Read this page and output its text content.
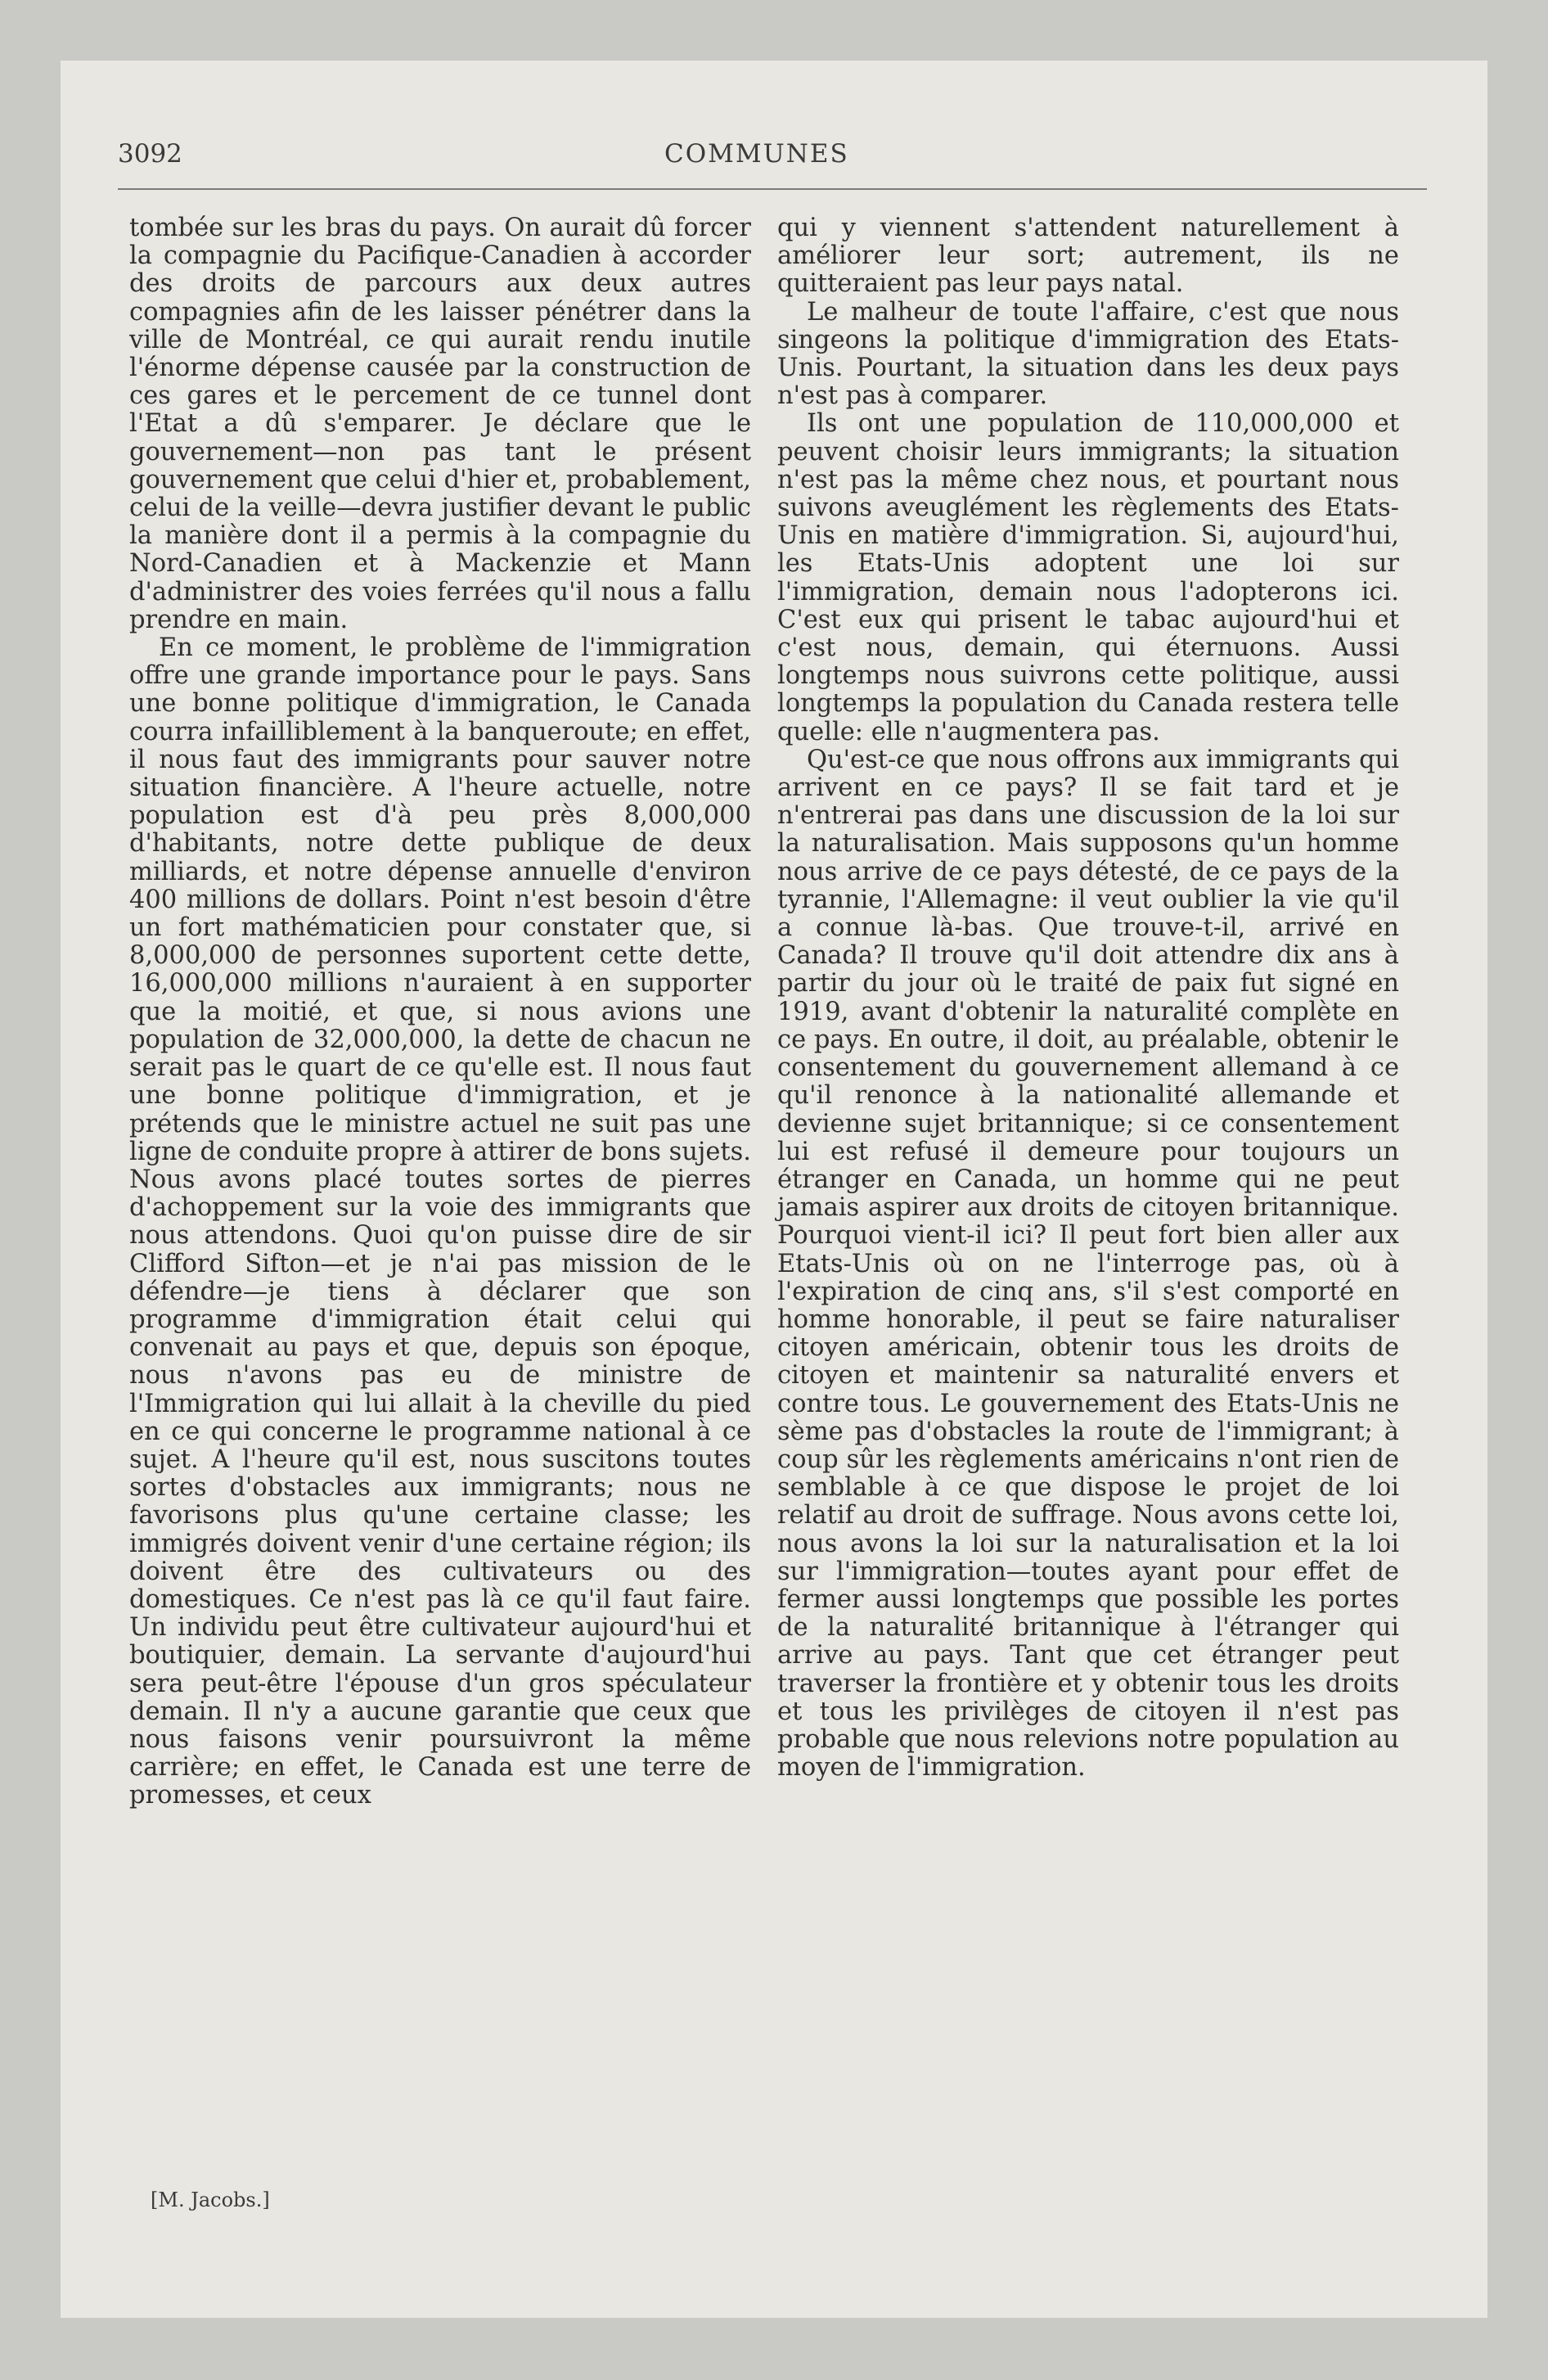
3092	COMMUNES

tombée sur les bras du pays. On aurait dû forcer la compagnie du Pacifique-Canadien à accorder des droits de parcours aux deux autres compagnies afin de les laisser pénétrer dans la ville de Montréal, ce qui aurait rendu inutile l'énorme dépense causée par la construction de ces gares et le percement de ce tunnel dont l'Etat a dû s'emparer. Je déclare que le gouvernement—non pas tant le présent gouvernement que celui d'hier et, probablement, celui de la veille—devra justifier devant le public la manière dont il a permis à la compagnie du Nord-Canadien et à Mackenzie et Mann d'administrer des voies ferrées qu'il nous a fallu prendre en main.

En ce moment, le problème de l'immigration offre une grande importance pour le pays. Sans une bonne politique d'immigration, le Canada courra infailliblement à la banqueroute; en effet, il nous faut des immigrants pour sauver notre situation financière. A l'heure actuelle, notre population est d'à peu près 8,000,000 d'habitants, notre dette publique de deux milliards, et notre dépense annuelle d'environ 400 millions de dollars. Point n'est besoin d'être un fort mathématicien pour constater que, si 8,000,000 de personnes suportent cette dette, 16,000,000 millions n'auraient à en supporter que la moitié, et que, si nous avions une population de 32,000,000, la dette de chacun ne serait pas le quart de ce qu'elle est. Il nous faut une bonne politique d'immigration, et je prétends que le ministre actuel ne suit pas une ligne de conduite propre à attirer de bons sujets. Nous avons placé toutes sortes de pierres d'achoppement sur la voie des immigrants que nous attendons. Quoi qu'on puisse dire de sir Clifford Sifton—et je n'ai pas mission de le défendre—je tiens à déclarer que son programme d'immigration était celui qui convenait au pays et que, depuis son époque, nous n'avons pas eu de ministre de l'Immigration qui lui allait à la cheville du pied en ce qui concerne le programme national à ce sujet. A l'heure qu'il est, nous suscitons toutes sortes d'obstacles aux immigrants; nous ne favorisons plus qu'une certaine classe; les immigrés doivent venir d'une certaine région; ils doivent être des cultivateurs ou des domestiques. Ce n'est pas là ce qu'il faut faire. Un individu peut être cultivateur aujourd'hui et boutiquier, demain. La servante d'aujourd'hui sera peut-être l'épouse d'un gros spéculateur demain. Il n'y a aucune garantie que ceux que nous faisons venir poursuivront la même carrière; en effet, le Canada est une terre de promesses, et ceux

qui y viennent s'attendent naturellement à améliorer leur sort; autrement, ils ne quitteraient pas leur pays natal.

Le malheur de toute l'affaire, c'est que nous singeons la politique d'immigration des Etats-Unis. Pourtant, la situation dans les deux pays n'est pas à comparer.

Ils ont une population de 110,000,000 et peuvent choisir leurs immigrants; la situation n'est pas la même chez nous, et pourtant nous suivons aveuglément les règlements des Etats-Unis en matière d'immigration. Si, aujourd'hui, les Etats-Unis adoptent une loi sur l'immigration, demain nous l'adopterons ici. C'est eux qui prisent le tabac aujourd'hui et c'est nous, demain, qui éternuons. Aussi longtemps nous suivrons cette politique, aussi longtemps la population du Canada restera telle quelle: elle n'augmentera pas.

Qu'est-ce que nous offrons aux immigrants qui arrivent en ce pays? Il se fait tard et je n'entrerai pas dans une discussion de la loi sur la naturalisation. Mais supposons qu'un homme nous arrive de ce pays détesté, de ce pays de la tyrannie, l'Allemagne: il veut oublier la vie qu'il a connue là-bas. Que trouve-t-il, arrivé en Canada? Il trouve qu'il doit attendre dix ans à partir du jour où le traité de paix fut signé en 1919, avant d'obtenir la naturalité complète en ce pays. En outre, il doit, au préalable, obtenir le consentement du gouvernement allemand à ce qu'il renonce à la nationalité allemande et devienne sujet britannique; si ce consentement lui est refusé il demeure pour toujours un étranger en Canada, un homme qui ne peut jamais aspirer aux droits de citoyen britannique. Pourquoi vient-il ici? Il peut fort bien aller aux Etats-Unis où on ne l'interroge pas, où à l'expiration de cinq ans, s'il s'est comporté en homme honorable, il peut se faire naturaliser citoyen américain, obtenir tous les droits de citoyen et maintenir sa naturalité envers et contre tous. Le gouvernement des Etats-Unis ne sème pas d'obstacles la route de l'immigrant; à coup sûr les règlements américains n'ont rien de semblable à ce que dispose le projet de loi relatif au droit de suffrage. Nous avons cette loi, nous avons la loi sur la naturalisation et la loi sur l'immigration—toutes ayant pour effet de fermer aussi longtemps que possible les portes de la naturalité britannique à l'étranger qui arrive au pays. Tant que cet étranger peut traverser la frontière et y obtenir tous les droits et tous les privilèges de citoyen il n'est pas probable que nous relevions notre population au moyen de l'immigration.

[M. Jacobs.]
